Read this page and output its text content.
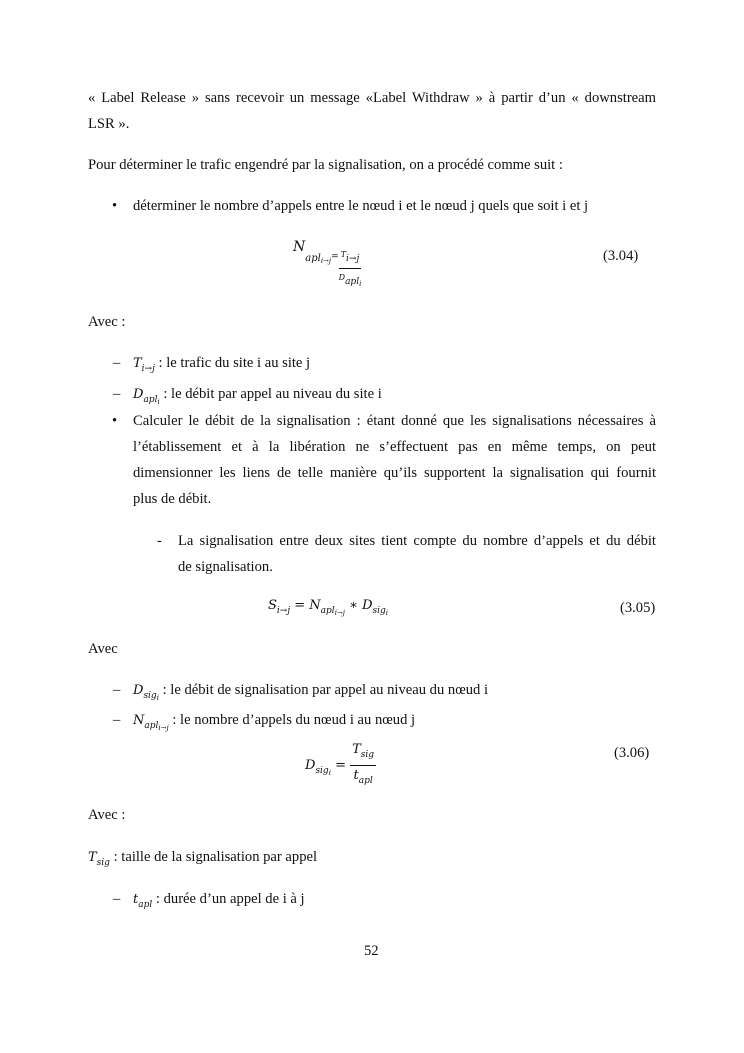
« Label Release » sans recevoir un message «Label Withdraw » à partir d’un « downstream
LSR ».
Pour déterminer le trafic engendré par la signalisation, on a procédé comme suit :
• déterminer le nombre d’appels entre le nœud i et le nœud j quels que soit i et j
$N_{apl_{i\to j}=} \frac{T_{i\to j}}{D_{apl_i}}$	(3.04)
Avec :
– $T_{i\to j}$ : le trafic du site i au site j
– $D_{apl_i}$ : le débit par appel au niveau du site i
• Calculer le débit de la signalisation : étant donné que les signalisations nécessaires à
l’établissement et à la libération ne s’effectuent pas en même temps, on peut
dimensionner les liens de telle manière qu’ils supportent la signalisation qui fournit
plus de débit.
- La signalisation entre deux sites tient compte du nombre d’appels et du débit
de signalisation.
$S_{i\to j} = N_{apl_{i\to j}}$ ∗ $D_{sig_i}$	(3.05)
Avec
– $D_{sig_i}$ : le débit de signalisation par appel au niveau du nœud i
– $N_{apl_{i\to j}}$ : le nombre d’appels du nœud i au nœud j
$D_{sig_i} = \frac{T_{sig}}{t_{apl}}$	(3.06)
Avec :
$T_{sig}$ : taille de la signalisation par appel
– $t_{apl}$ : durée d’un appel de i à j
52
